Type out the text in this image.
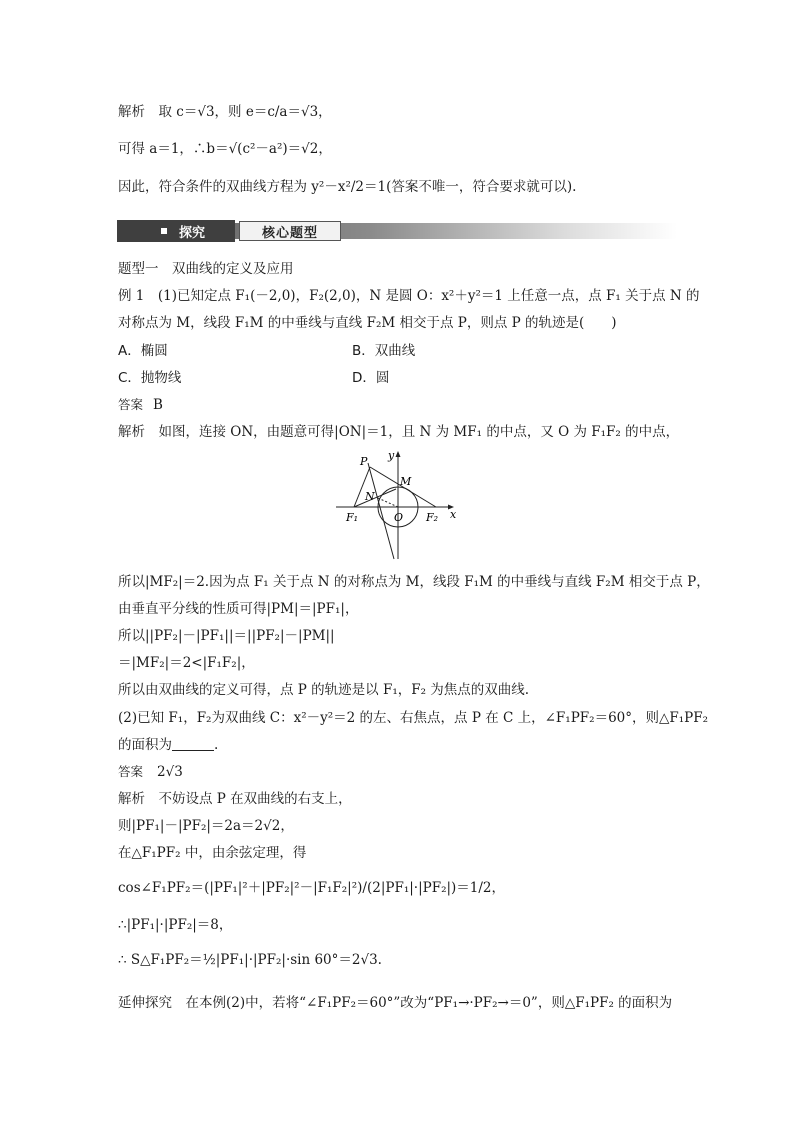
解析　取 c＝√3，则 e＝c/a＝√3，
可得 a＝1，∴b＝√(c²－a²)＝√2，
因此，符合条件的双曲线方程为 y²－x²/2＝1(答案不唯一，符合要求就可以).
探究	核心题型
题型一　双曲线的定义及应用
例 1　(1)已知定点 F₁(－2,0)，F₂(2,0)，N 是圆 O：x²＋y²＝1 上任意一点，点 F₁ 关于点 N 的
对称点为 M，线段 F₁M 的中垂线与直线 F₂M 相交于点 P，则点 P 的轨迹是(　　)
A．椭圆	B．双曲线
C．抛物线	D．圆
答案 B
解析　如图，连接 ON，由题意可得|ON|＝1，且 N 为 MF₁ 的中点，又 O 为 F₁F₂ 的中点，
P y
M
N
F₁	O F₂ x
所以|MF₂|＝2.因为点 F₁ 关于点 N 的对称点为 M，线段 F₁M 的中垂线与直线 F₂M 相交于点 P，
由垂直平分线的性质可得|PM|＝|PF₁|，
所以||PF₂|－|PF₁||＝||PF₂|－|PM||
＝|MF₂|＝2<|F₁F₂|，
所以由双曲线的定义可得，点 P 的轨迹是以 F₁，F₂ 为焦点的双曲线.
(2)已知 F₁，F₂为双曲线 C：x²－y²＝2 的左、右焦点，点 P 在 C 上，∠F₁PF₂＝60°，则△F₁PF₂
的面积为	.
答案 2√3
解析　不妨设点 P 在双曲线的右支上，
则|PF₁|－|PF₂|＝2a＝2√2，
在△F₁PF₂ 中，由余弦定理，得
cos∠F₁PF₂＝(|PF₁|²＋|PF₂|²－|F₁F₂|²)/(2|PF₁|·|PF₂|)＝1/2，
∴|PF₁|·|PF₂|＝8，
∴ S△F₁PF₂＝½|PF₁|·|PF₂|·sin 60°＝2√3.
延伸探究　在本例(2)中，若将“∠F₁PF₂＝60°”改为“PF₁→·PF₂→＝0”，则△F₁PF₂ 的面积为
